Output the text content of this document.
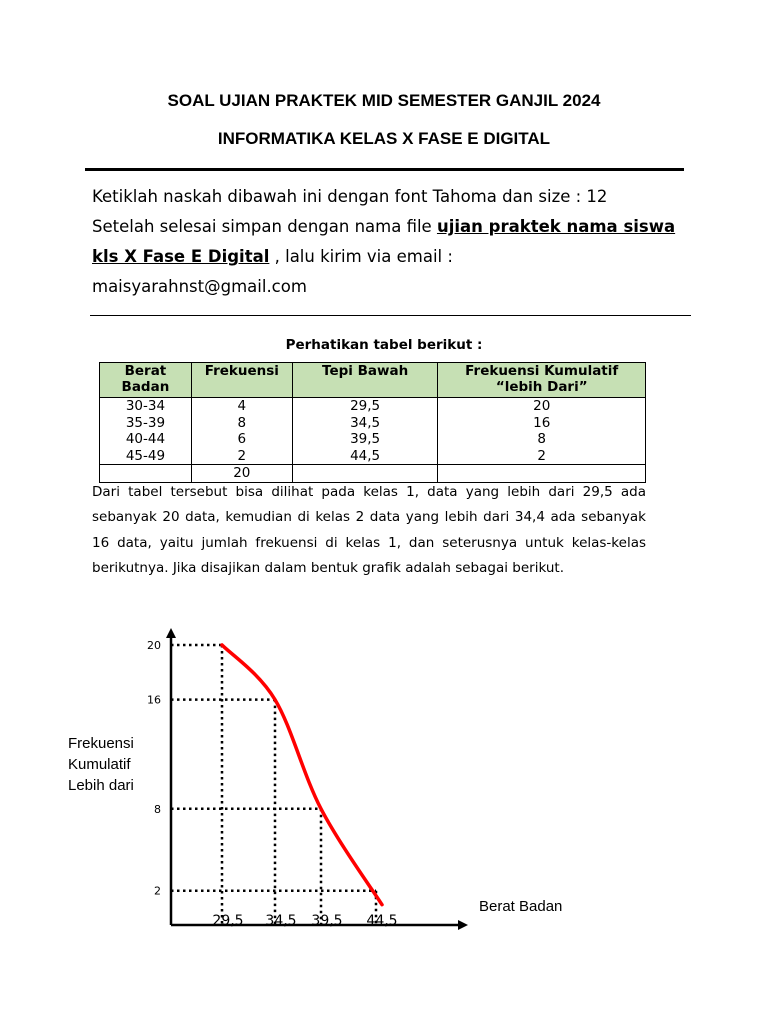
SOAL UJIAN PRAKTEK MID SEMESTER GANJIL 2024
INFORMATIKA KELAS X FASE E DIGITAL

Ketiklah naskah dibawah ini dengan font Tahoma dan size : 12

Setelah selesai simpan dengan nama file ujian praktek nama siswa kls X Fase E Digital , lalu kirim via email :

maisyarahnst@gmail.com

Perhatikan tabel berikut :

Berat Badan	Frekuensi	Tepi Bawah	Frekuensi Kumulatif “lebih Dari”
30-34	4	29,5	20
35-39	8	34,5	16
40-44	6	39,5	8
45-49	2	44,5	2
	20		

Dari tabel tersebut bisa dilihat pada kelas 1, data yang lebih dari 29,5 ada sebanyak 20 data, kemudian di kelas 2 data yang lebih dari 34,4 ada sebanyak 16 data, yaitu jumlah frekuensi di kelas 1, dan seterusnya untuk kelas-kelas berikutnya. Jika disajikan dalam bentuk grafik adalah sebagai berikut.

Frekuensi
Kumulatif
Lebih dari
Berat Badan
20
16
8
2
29,5 34,5 39,5 44,5
